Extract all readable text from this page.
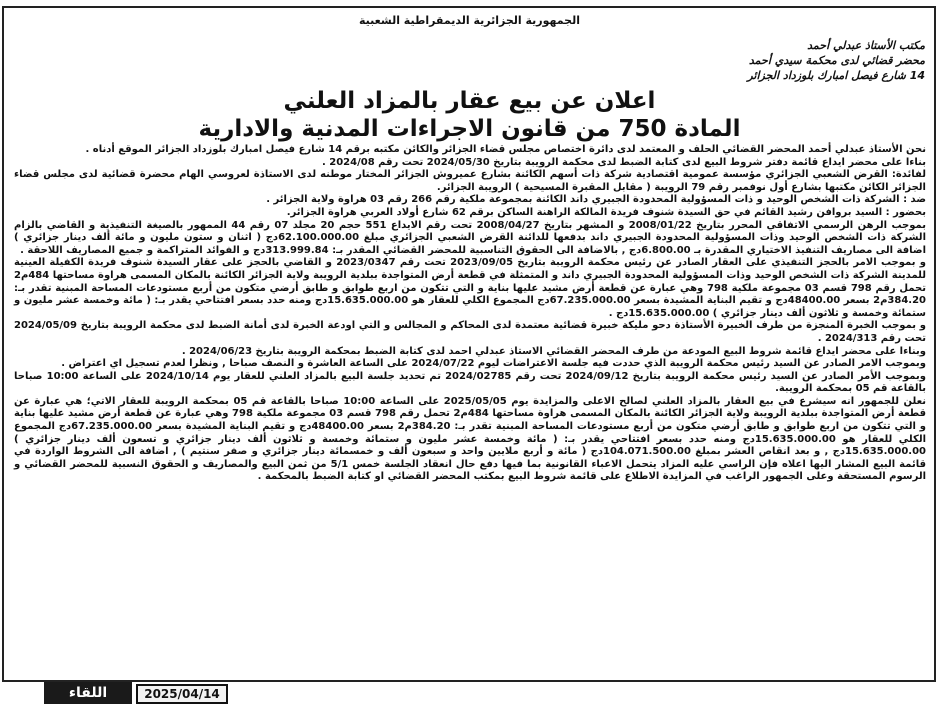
الجمهورية الجزائرية الديمقراطية الشعبية
مكتب الأستاذ عبدلي أحمد
محضر قضائي لدى محكمة سيدي أحمد
14 شارع فيصل امبارك بلوزداد الجزائر
اعلان عن بيع عقار بالمزاد العلني
المادة 750 من قانون الاجراءات المدنية والادارية

نحن الأستاذ عبدلي أحمد المحضر القضائي الحلف و المعتمد لدى دائرة اختصاص مجلس قضاء الجزائر والكائن مكتبه برقم 14 شارع فيصل امبارك بلوزداد الجزائر الموقع أدناه .

بناءا على محضر ايداع قائمة دفتر شروط البيع لدى كتابة الضبط لدى محكمة الرويبة بتاريخ 2024/05/30 تحت رقم 2024/08 .

لفائدة: القرض الشعبي الجزائري مؤسسة عمومية اقتصادية شركة ذات أسهم الكائنة بشارع عميروش الجزائر المختار موطنه لدى الاستاذة لعروسي الهام محضرة قضائية لدى مجلس قضاء الجزائر الكائن مكتبها بشارع أول نوفمبر رقم 79 الرويبة ( مقابل المقبرة المسيحية ) الرويبة الجزائر.

ضد : الشركة ذات الشخص الوحيد و ذات المسؤولية المحدودة الجبيري داند الكائنة بمجموعة ملكية رقم 266 رقم 03 هراوة ولاية الجزائر .

بحضور : السيد بروافن رشيد القائم في حق السيدة شنوف فريدة المالكة الراهنة الساكن برقم 62 شارع أولاد العربي هراوة الجزائر.

بموجب الرهن الرسمي الاتفاقي المحرر بتاريخ 2008/01/22 و المشهر بتاريخ 2008/04/27 تحت رقم الايداع 551 حجم 20 مجلد 07 رقم 44 الممهور بالصيغة التنفيذية و القاضي بالزام الشركة ذات الشخص الوحيد وذات المسؤولية المحدودة الجبيري داند بدفعها للدائنة القرض الشعبي الجزائري مبلغ 62.100.000.00دج ( اثنان و ستون مليون و مائة ألف دينار جزائري ) اضافة الى مصاريف التنفيذ الاختياري المقدرة بـ 6.800.00دج , بالاضافة الى الحقوق التناسبية للمحضر القضائي المقدر بـ: 313.999.84دج و الفوائد المتراكمة و جميع المصاريف اللاحقة .

و بموجب الامر بالحجز التنفيذي على العقار الصادر عن رئيس محكمة الرويبة بتاريخ 2023/09/05 تحت رقم 2023/0347 و القاضي بالحجز على عقار السيدة شنوف فريدة الكفيلة العينية للمدينة الشركة ذات الشخص الوحيد وذات المسؤولية المحدودة الجبيري داند و المتمثلة في قطعة أرض المتواجدة ببلدية الرويبة ولاية الجزائر الكائنة بالمكان المسمى هراوة مساحتها 484م2 تحمل رقم 798 قسم 03 مجموعة ملكية 798 وهي عبارة عن قطعة أرض مشيد عليها بناية و التي تتكون من اربع طوابق و طابق أرضي متكون من أربع مستودعات المساحة المبنية تقدر بـ: 384.20م2 بسعر 48400.00دج و تقيم البناية المشيدة بسعر 67.235.000.00دج المجموع الكلي للعقار هو 15.635.000.00دج ومنه حدد بسعر افتتاحي يقدر بـ: ( مائة وخمسة عشر مليون و ستمائة وخمسة و ثلاثون ألف دينار جزائري ) 15.635.000.00دج .

و بموجب الخبرة المنجزة من طرف الخبيرة الأستاذة دحو مليكة خبيرة قضائية معتمدة لدى المحاكم و المجالس و التي اودعة الخبرة لدى أمانة الضبط لدى محكمة الرويبة بتاريخ 2024/05/09 تحت رقم 2024/313 .

وبناءا على محضر ايداع قائمة شروط البيع المودعة من طرف المحضر القضائي الاستاذ عبدلي احمد لدى كتابة الضبط بمحكمة الرويبة بتاريخ 2024/06/23 .

وبموجب الامر الصادر عن السيد رئيس محكمة الرويبة الذي حددت فيه جلسة الاعتراضات ليوم 2024/07/22 على الساعة العاشرة و النصف صباحا , ونظرا لعدم تسجيل اي اعتراض .

وبموجب الأمر الصادر عن السيد رئيس محكمة الرويبة بتاريخ 2024/09/12 تحت رقم 2024/02785 تم تحديد جلسة البيع بالمزاد العلني للعقار يوم 2024/10/14 على الساعة 10:00 صباحا بالقاعة قم 05 بمحكمة الرويبة.

نعلن للجمهور انه سيشرع في بيع العقار بالمزاد العلني لصالح الاعلى والمزايدة يوم 2025/05/05 على الساعة 10:00 صباحا بالقاعة قم 05 بمحكمة الرويبة للعقار الاتي؛ هي عبارة عن قطعة أرض المتواجدة ببلدية الرويبة ولاية الجزائر الكائنة بالمكان المسمى هراوة مساحتها 484م2 تحمل رقم 798 قسم 03 مجموعة ملكية 798 وهي عبارة عن قطعة أرض مشيد عليها بناية و التي تتكون من اربع طوابق و طابق أرضي متكون من أربع مستودعات المساحة المبنية تقدر بـ: 384.20م2 بسعر 48400.00دج و تقيم البناية المشيدة بسعر 67.235.000.00دج المجموع الكلي للعقار هو 15.635.000.00دج ومنه حدد بسعر افتتاحي يقدر بـ: ( مائة وخمسة عشر مليون و ستمائة وخمسة و ثلاثون ألف دينار جزائري و تسعون ألف دينار جزائري ) 15.635.000.00دج , و بعد انقاص العشر بمبلغ 104.071.500.00دج ( مائة و أربع ملايين واحد و سبعون ألف و خمسمائة دينار جزائري و صفر سنتيم ) , اضافة الى الشروط الواردة في قائمة البيع المشار اليها اعلاه فإن الراسي عليه المزاد يتحمل الاعباء القانونية بما فيها دفع حال انعقاد الجلسة خمس 5/1 من ثمن البيع والمصاريف و الحقوق النسبية للمحضر القضائي و الرسوم المستحقة وعلى الجمهور الراغب في المزايدة الاطلاع على قائمة شروط البيع بمكتب المحضر القضائي او كتابة الضبط بالمحكمة .

2025/04/14
اللقاء
